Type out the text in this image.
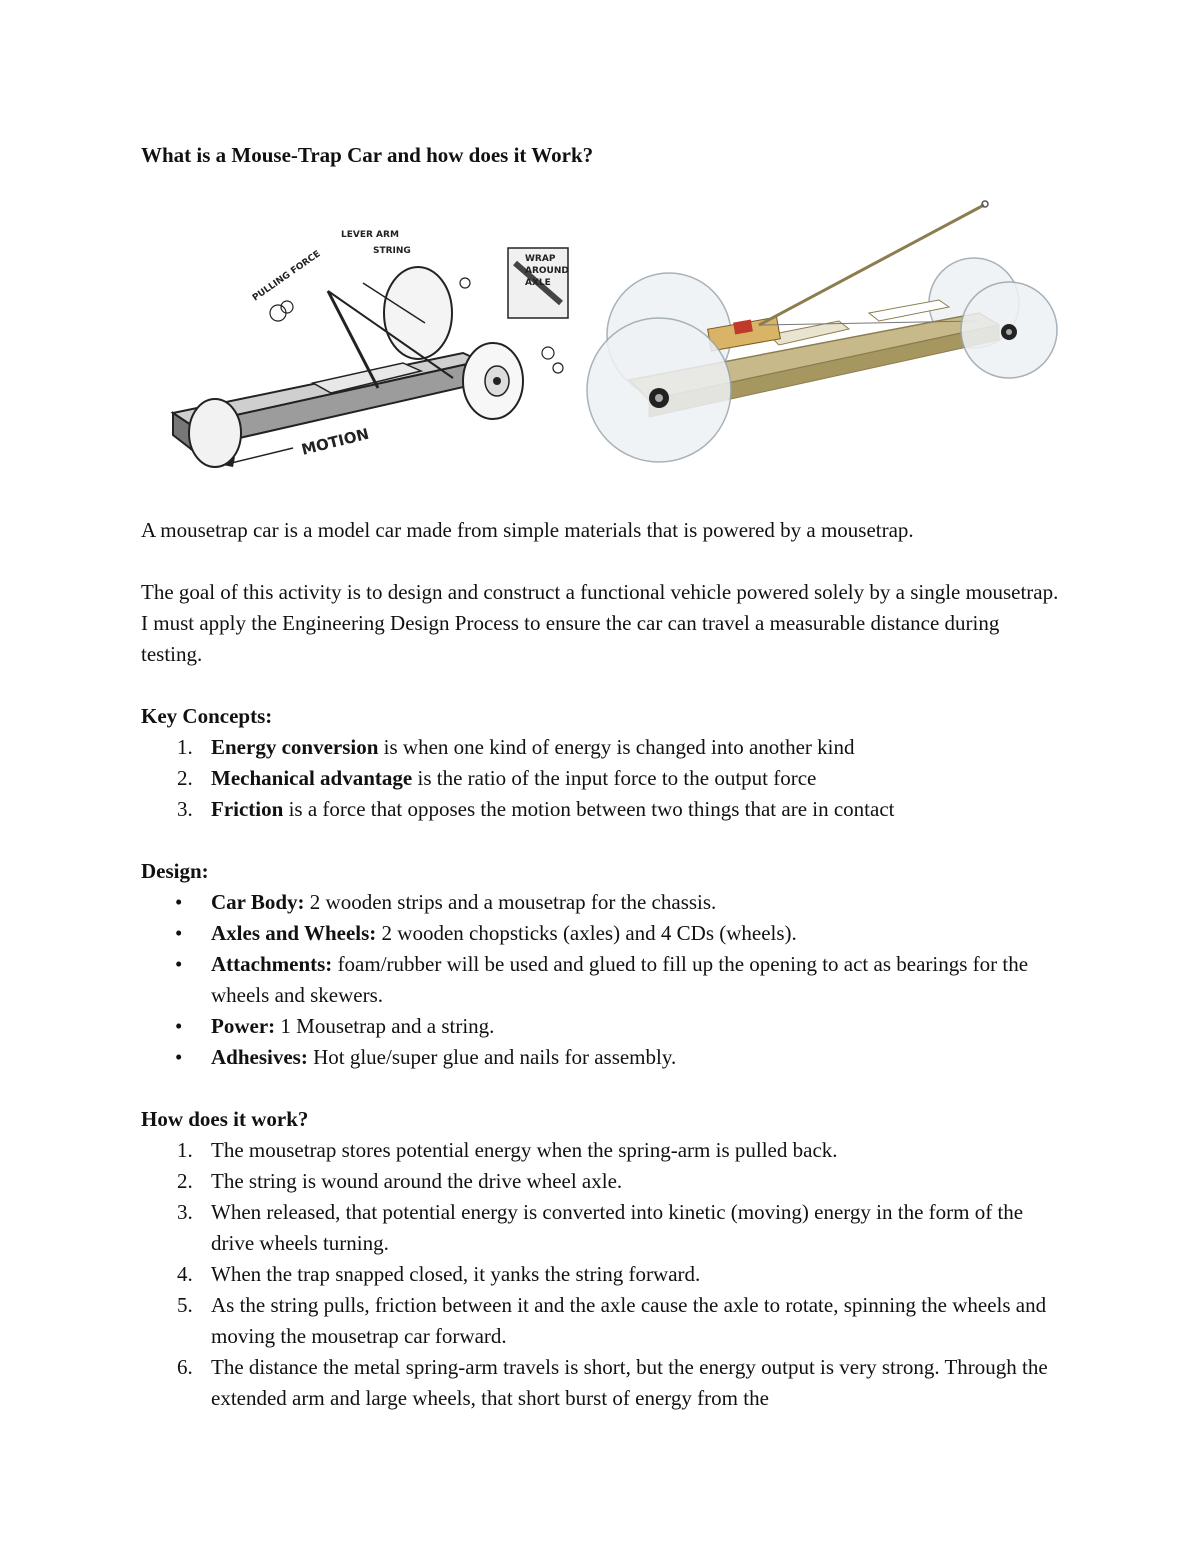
What is a Mouse-Trap Car and how does it Work?
LEVER ARM
STRING
PULLING FORCE	WRAP
AROUND
AXLE
MOTION

A mousetrap car is a model car made from simple materials that is powered by a mousetrap.

The goal of this activity is to design and construct a functional vehicle powered solely by a single mousetrap. I must apply the Engineering Design Process to ensure the car can travel a measurable distance during testing.

Key Concepts:
1. Energy conversion is when one kind of energy is changed into another kind
2. Mechanical advantage is the ratio of the input force to the output force
3. Friction is a force that opposes the motion between two things that are in contact
Design:
• Car Body: 2 wooden strips and a mousetrap for the chassis.
• Axles and Wheels: 2 wooden chopsticks (axles) and 4 CDs (wheels).
• Attachments: foam/rubber will be used and glued to fill up the opening to act as bearings for the wheels and skewers.
• Power: 1 Mousetrap and a string.
• Adhesives: Hot glue/super glue and nails for assembly.
How does it work?
1. The mousetrap stores potential energy when the spring-arm is pulled back.
2. The string is wound around the drive wheel axle.
3. When released, that potential energy is converted into kinetic (moving) energy in the form of the drive wheels turning.
4. When the trap snapped closed, it yanks the string forward.
5. As the string pulls, friction between it and the axle cause the axle to rotate, spinning the wheels and moving the mousetrap car forward.
6. The distance the metal spring-arm travels is short, but the energy output is very strong. Through the extended arm and large wheels, that short burst of energy from the
